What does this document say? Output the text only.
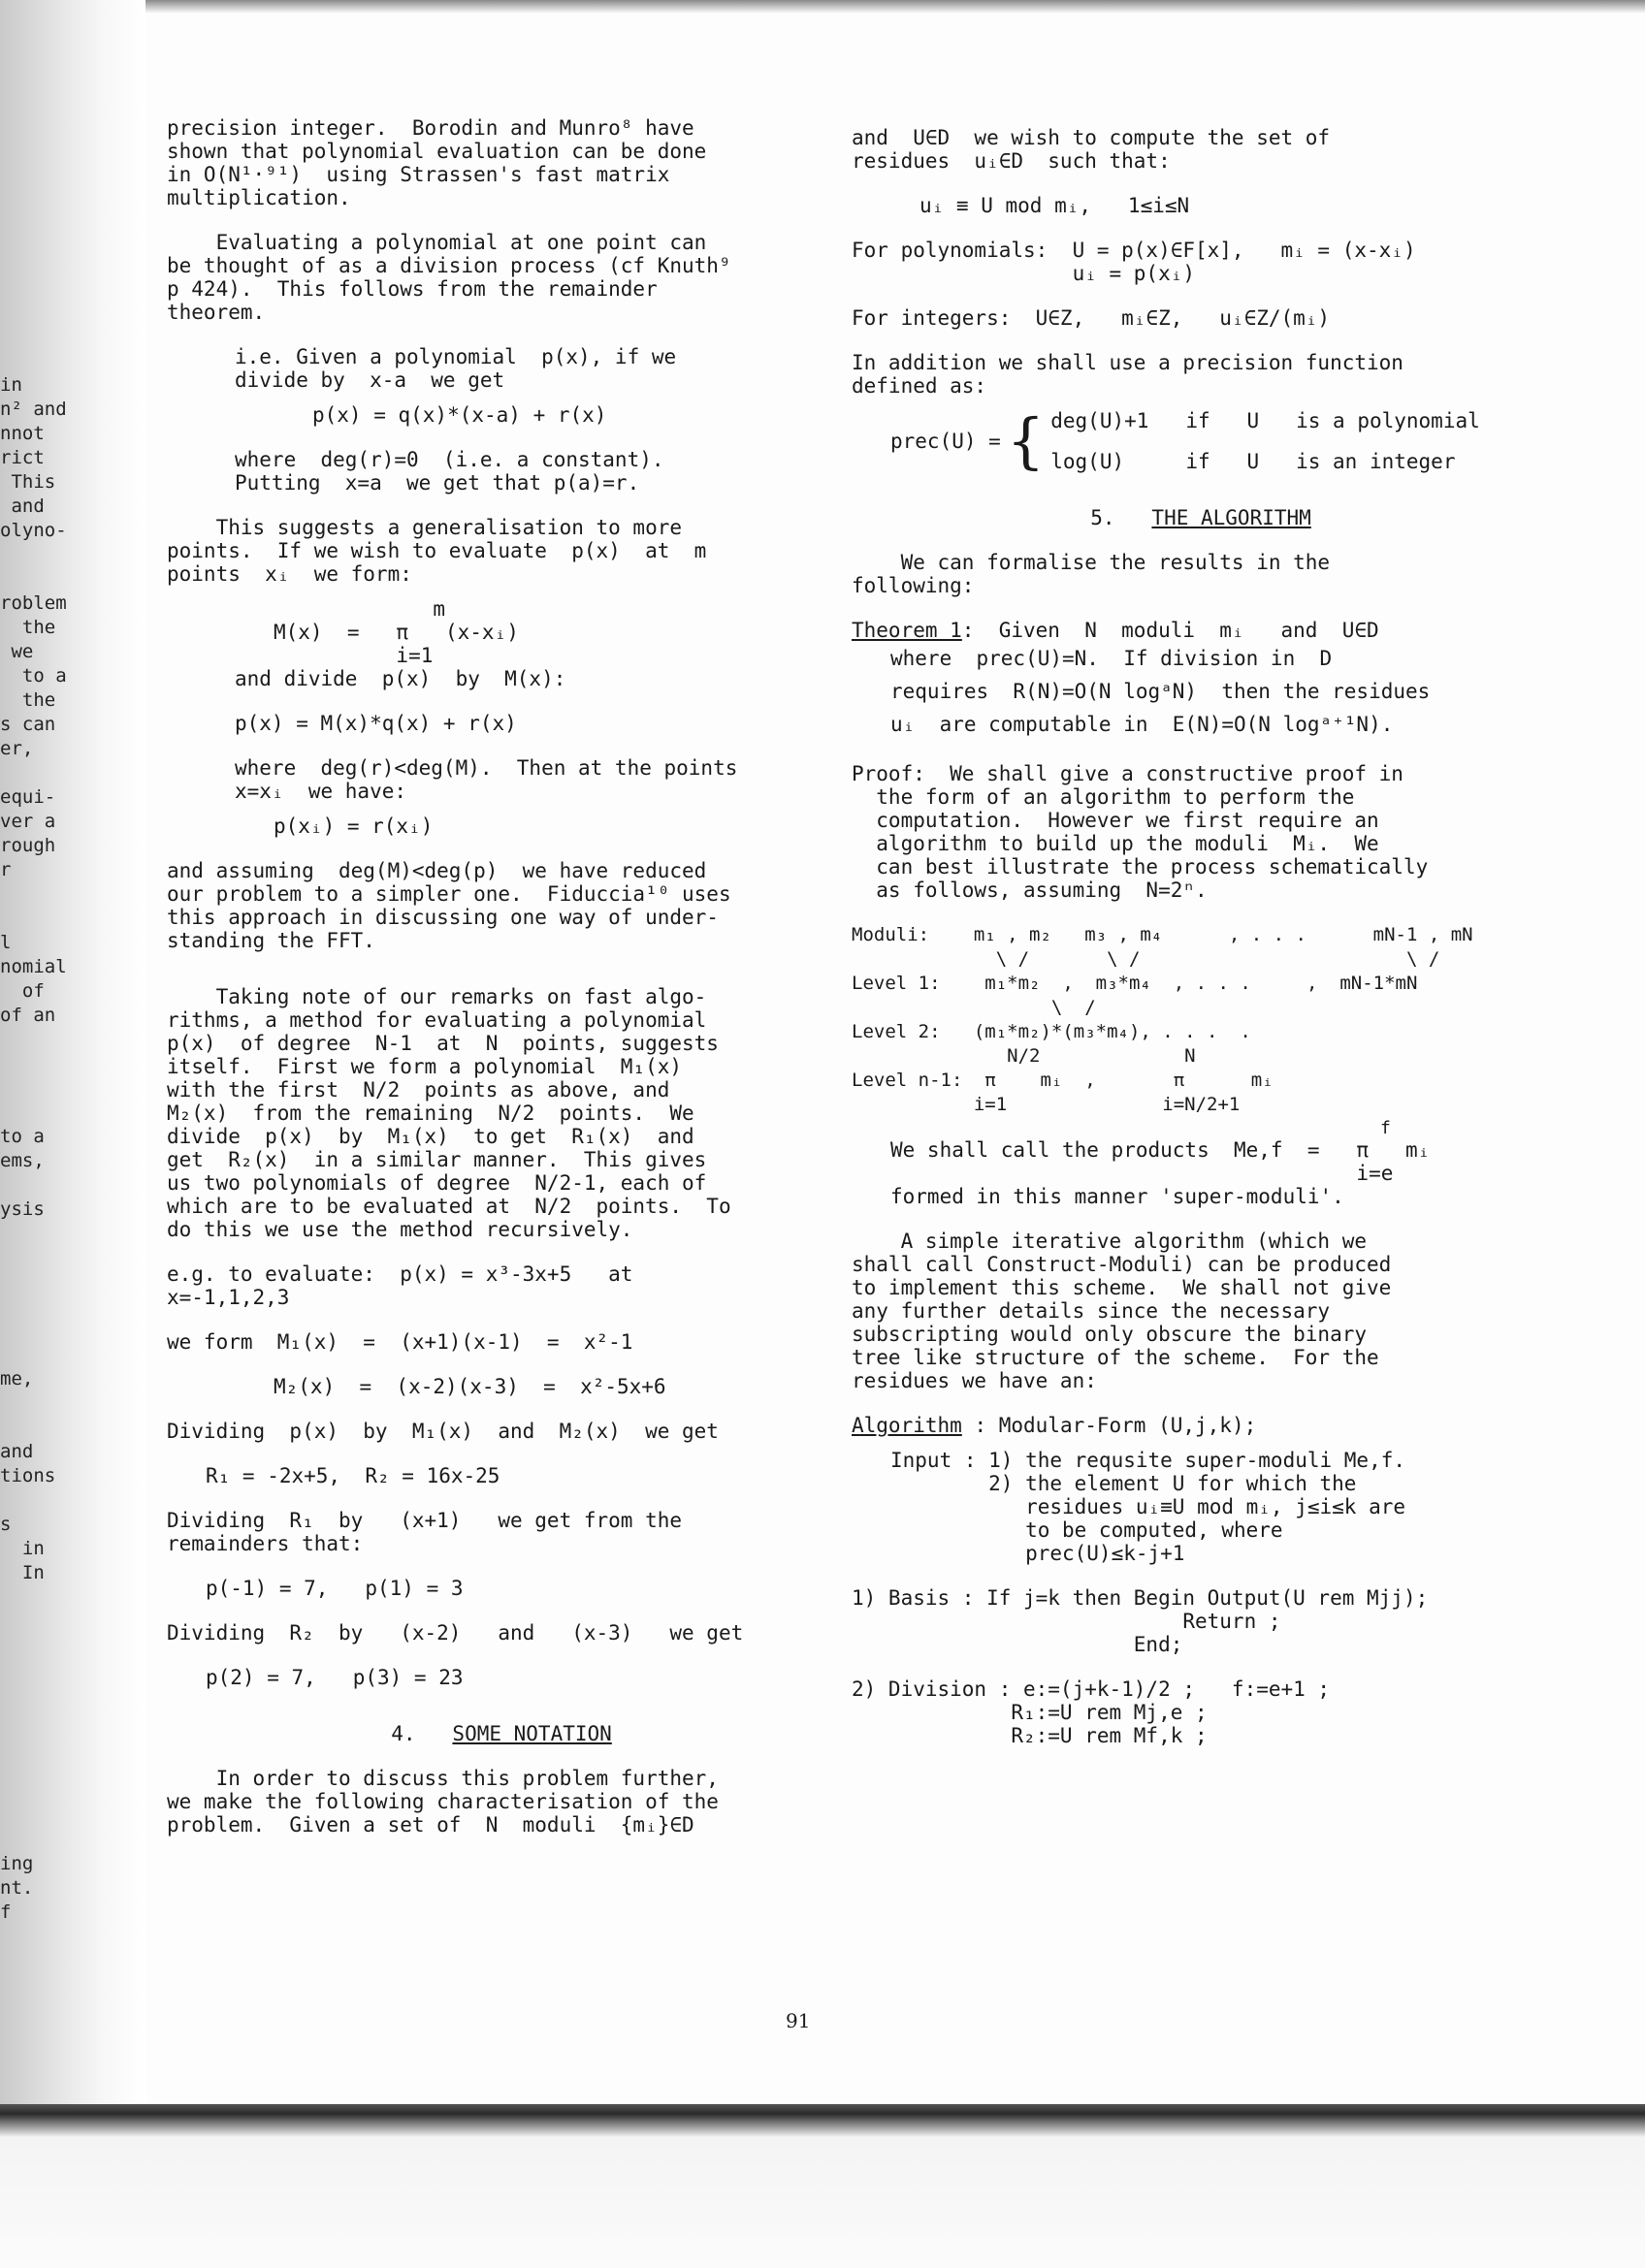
in
n² and
nnot
rict
This
and
olyno-
roblem
the
we
to a
the
s can
er,
equi-
ver a
rough
r
l
nomial
of
of an
to a
ems,
ysis
me,
and
tions
s
in
In
ing
nt.
f

precision integer.  Borodin and Munro⁸ have
shown that polynomial evaluation can be done
in O(N¹·⁹¹)  using Strassen's fast matrix
multiplication.

Evaluating a polynomial at one point can
be thought of as a division process (cf Knuth⁹
p 424).  This follows from the remainder
theorem.

i.e. Given a polynomial  p(x), if we
divide by  x-a  we get

p(x) = q(x)*(x-a) + r(x)

where  deg(r)=0  (i.e. a constant).
Putting  x=a  we get that p(a)=r.

This suggests a generalisation to more
points.  If we wish to evaluate  p(x)  at  m
points  xᵢ  we form:

m
M(x)  =   π   (x-xᵢ)
i=1

and divide  p(x)  by  M(x):

p(x) = M(x)*q(x) + r(x)

where  deg(r)<deg(M).  Then at the points
x=xᵢ  we have:

p(xᵢ) = r(xᵢ)

and assuming  deg(M)<deg(p)  we have reduced
our problem to a simpler one.  Fiduccia¹⁰ uses
this approach in discussing one way of under-
standing the FFT.

Taking note of our remarks on fast algo-
rithms, a method for evaluating a polynomial
p(x)  of degree  N-1  at  N  points, suggests
itself.  First we form a polynomial  M₁(x)
with the first  N/2  points as above, and
M₂(x)  from the remaining  N/2  points.  We
divide  p(x)  by  M₁(x)  to get  R₁(x)  and
get  R₂(x)  in a similar manner.  This gives
us two polynomials of degree  N/2-1, each of
which are to be evaluated at  N/2  points.  To
do this we use the method recursively.

e.g. to evaluate:  p(x) = x³-3x+5   at
x=-1,1,2,3

we form  M₁(x)  =  (x+1)(x-1)  =  x²-1

M₂(x)  =  (x-2)(x-3)  =  x²-5x+6

Dividing  p(x)  by  M₁(x)  and  M₂(x)  we get

R₁ = -2x+5,  R₂ = 16x-25

Dividing  R₁  by   (x+1)   we get from the
remainders that:

p(-1) = 7,   p(1) = 3

Dividing  R₂  by   (x-2)   and   (x-3)   we get

p(2) = 7,   p(3) = 23

4. SOME NOTATION

In order to discuss this problem further,
we make the following characterisation of the
problem.  Given a set of  N  moduli  {mᵢ}∈D

and  U∈D  we wish to compute the set of
residues  uᵢ∈D  such that:

uᵢ ≡ U mod mᵢ,   1≤i≤N

For polynomials:  U = p(x)∈F[x],   mᵢ = (x-xᵢ)
uᵢ = p(xᵢ)

For integers:  U∈Z,   mᵢ∈Z,   uᵢ∈Z/(mᵢ)

In addition we shall use a precision function
defined as:

prec(U) = { deg(U)+1   if   U   is a polynomial
log(U)     if   U   is an integer
5. THE ALGORITHM

We can formalise the results in the
following:

Theorem 1:  Given  N  moduli  mᵢ   and  U∈D

where  prec(U)=N.  If division in  D
requires  R(N)=O(N logᵃN)  then the residues
uᵢ  are computable in  E(N)=O(N logᵃ⁺¹N).

Proof:  We shall give a constructive proof in
the form of an algorithm to perform the
computation.  However we first require an
algorithm to build up the moduli  Mᵢ.  We
can best illustrate the process schematically
as follows, assuming  N=2ⁿ.

Moduli:    m₁ , m₂   m₃ , m₄      , . . .      mN-1 , mN
\ /       \ /                        \ /
Level 1:    m₁*m₂  ,  m₃*m₄  , . . .     ,  mN-1*mN
\  /
Level 2:   (m₁*m₂)*(m₃*m₄), . . .  .
N/2             N
Level n-1:  π    mᵢ  ,       π      mᵢ
i=1              i=N/2+1

f

We shall call the products  Me,f  =   π   mᵢ
i=e
formed in this manner 'super-moduli'.

A simple iterative algorithm (which we
shall call Construct-Moduli) can be produced
to implement this scheme.  We shall not give
any further details since the necessary
subscripting would only obscure the binary
tree like structure of the scheme.  For the
residues we have an:

Algorithm : Modular-Form (U,j,k);

Input : 1) the requsite super-moduli Me,f.
2) the element U for which the
residues uᵢ≡U mod mᵢ, j≤i≤k are
to be computed, where
prec(U)≤k-j+1

1) Basis : If j=k then Begin Output(U rem Mjj);
Return ;
End;

2) Division : e:=(j+k-1)/2 ;   f:=e+1 ;
R₁:=U rem Mj,e ;
R₂:=U rem Mf,k ;

91
